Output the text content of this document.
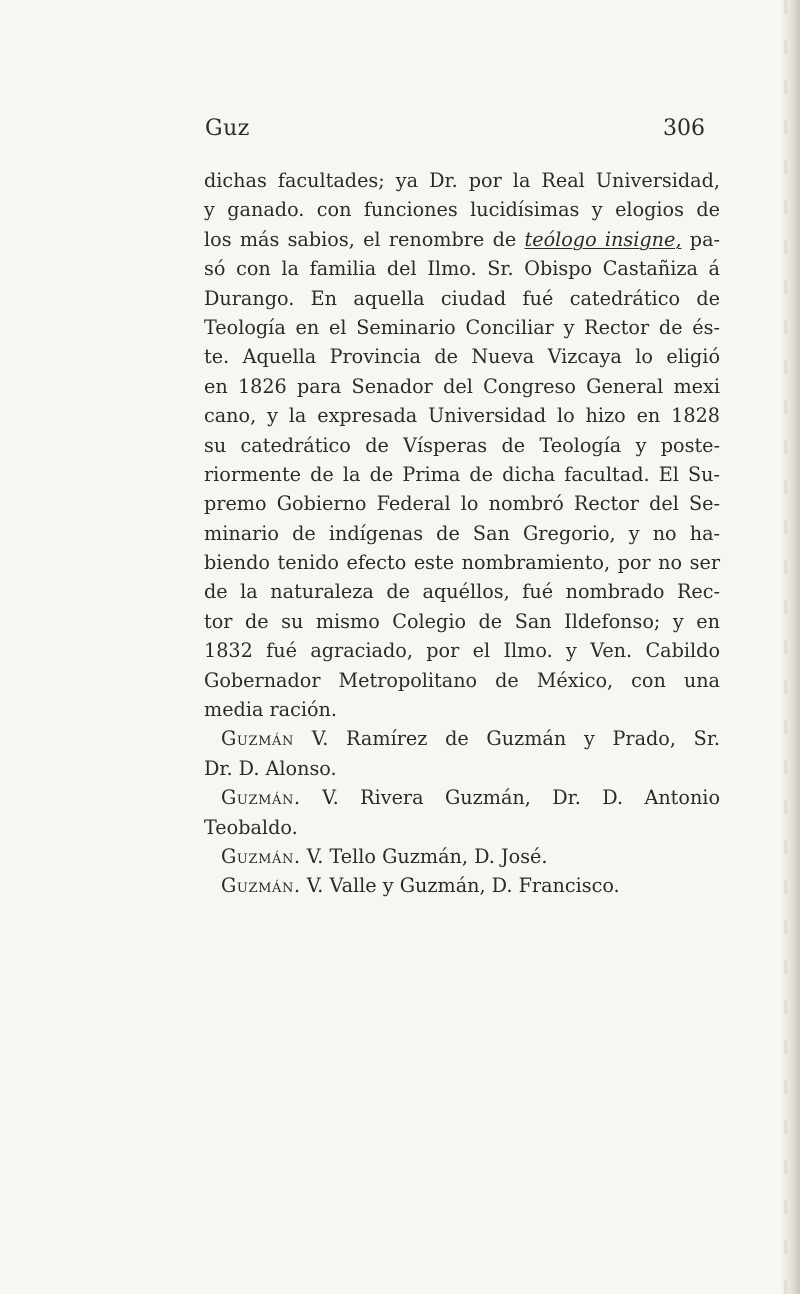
Guz	306
dichas facultades; ya Dr. por la Real Universidad,
y ganado. con funciones lucidísimas y elogios de
los más sabios, el renombre de teólogo insigne, pa-
só con la familia del Ilmo. Sr. Obispo Castañiza á
Durango. En aquella ciudad fué catedrático de
Teología en el Seminario Conciliar y Rector de és-
te. Aquella Provincia de Nueva Vizcaya lo eligió
en 1826 para Senador del Congreso General mexi
cano, y la expresada Universidad lo hizo en 1828
su catedrático de Vísperas de Teología y poste-
riormente de la de Prima de dicha facultad. El Su-
premo Gobierno Federal lo nombró Rector del Se-
minario de indígenas de San Gregorio, y no ha-
biendo tenido efecto este nombramiento, por no ser
de la naturaleza de aquéllos, fué nombrado Rec-
tor de su mismo Colegio de San Ildefonso; y en
1832 fué agraciado, por el Ilmo. y Ven. Cabildo
Gobernador Metropolitano de México, con una
media ración.
Guzmán V. Ramírez de Guzmán y Prado, Sr.
Dr. D. Alonso.
Guzmán. V. Rivera Guzmán, Dr. D. Antonio
Teobaldo.
Guzmán. V. Tello Guzmán, D. José.
Guzmán. V. Valle y Guzmán, D. Francisco.
